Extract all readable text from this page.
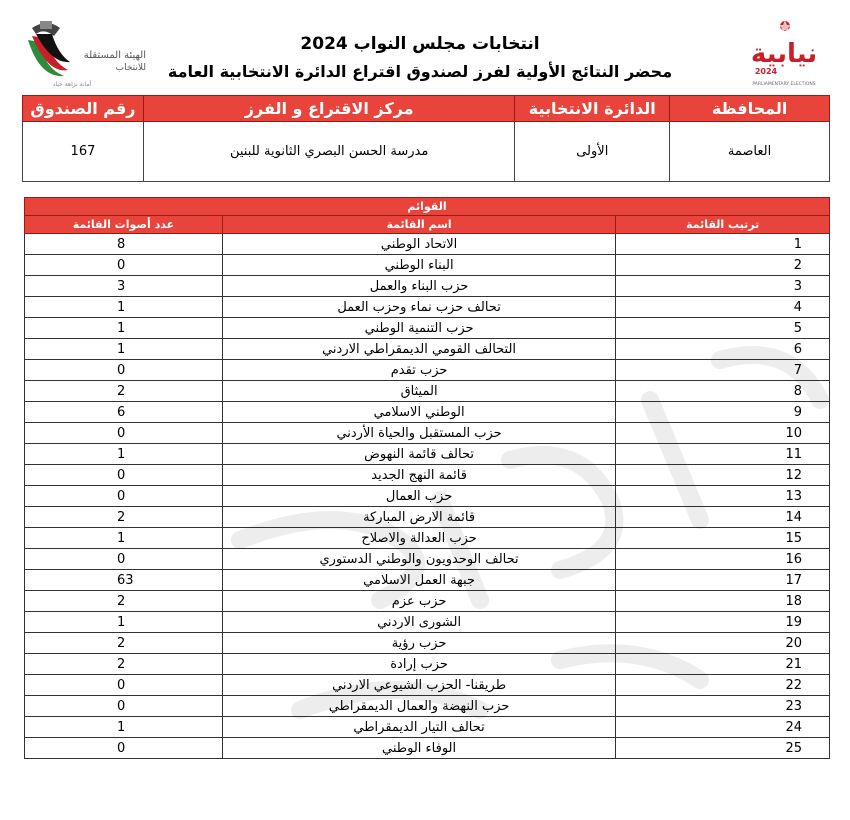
الهيئة المستقلة
للانتخاب
أمانة نزاهة حياد
انتخابات مجلس النواب 2024
محضر النتائج الأولية لفرز لصندوق اقتراع الدائرة الانتخابية العامة
نيابية
2024
PARLIAMENTARY ELECTIONS
المحافظة	الدائرة الانتخابية	مركز الاقتراع و الفرز	رقم الصندوق
العاصمة	الأولى	مدرسة الحسن البصري الثانوية للبنين	167
القوائم		
ترتيب القائمة	اسم القائمة	عدد أصوات القائمة
1	الاتحاد الوطني	8
2	البناء الوطني	0
3	حزب البناء والعمل	3
4	تحالف حزب نماء وحزب العمل	1
5	حزب التنمية الوطني	1
6	التحالف القومي الديمقراطي الاردني	1
7	حزب تقدم	0
8	الميثاق	2
9	الوطني الاسلامي	6
10	حزب المستقبل والحياة الأردني	0
11	تحالف قائمة النهوض	1
12	قائمة النهج الجديد	0
13	حزب العمال	0
14	قائمة الارض المباركة	2
15	حزب العدالة والاصلاح	1
16	تحالف الوحدويون والوطني الدستوري	0
17	جبهة العمل الاسلامي	63
18	حزب عزم	2
19	الشورى الاردني	1
20	حزب رؤية	2
21	حزب إرادة	2
22	طريقنا- الحزب الشيوعي الاردني	0
23	حزب النهضة والعمال الديمقراطي	0
24	تحالف التيار الديمقراطي	1
25	الوفاء الوطني	0
